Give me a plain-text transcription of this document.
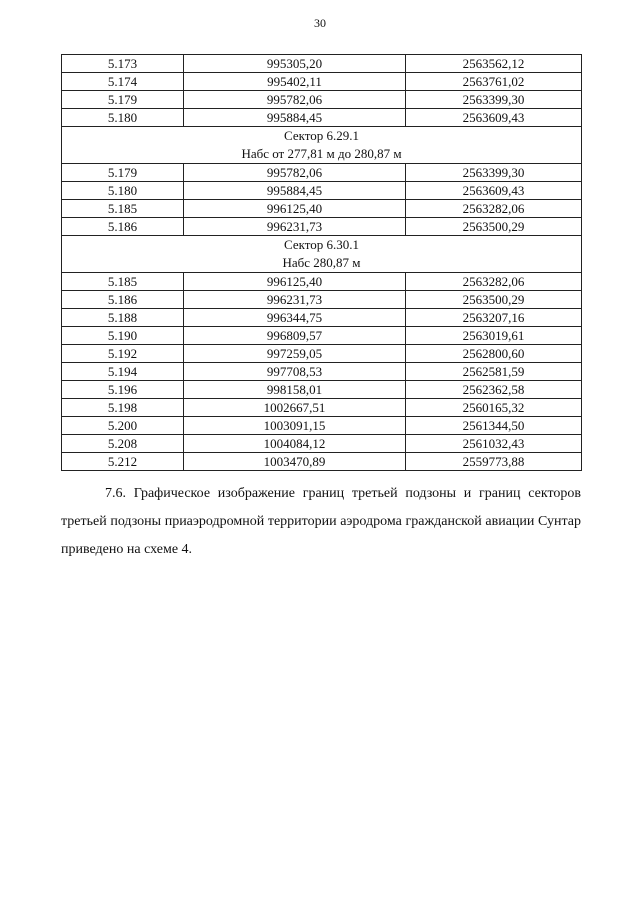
30
5.173	995305,20	2563562,12
5.174	995402,11	2563761,02
5.179	995782,06	2563399,30
5.180	995884,45	2563609,43

Сектор 6.29.1
Набс от 277,81 м до 280,87 м		

5.179	995782,06	2563399,30
5.180	995884,45	2563609,43
5.185	996125,40	2563282,06
5.186	996231,73	2563500,29

Сектор 6.30.1
Набс 280,87 м		

5.185	996125,40	2563282,06
5.186	996231,73	2563500,29
5.188	996344,75	2563207,16
5.190	996809,57	2563019,61
5.192	997259,05	2562800,60
5.194	997708,53	2562581,59
5.196	998158,01	2562362,58
5.198	1002667,51	2560165,32
5.200	1003091,15	2561344,50
5.208	1004084,12	2561032,43
5.212	1003470,89	2559773,88

7.6. Графическое изображение границ третьей подзоны и границ секторов третьей подзоны приаэродромной территории аэродрома гражданской авиации Сунтар приведено на схеме 4.
